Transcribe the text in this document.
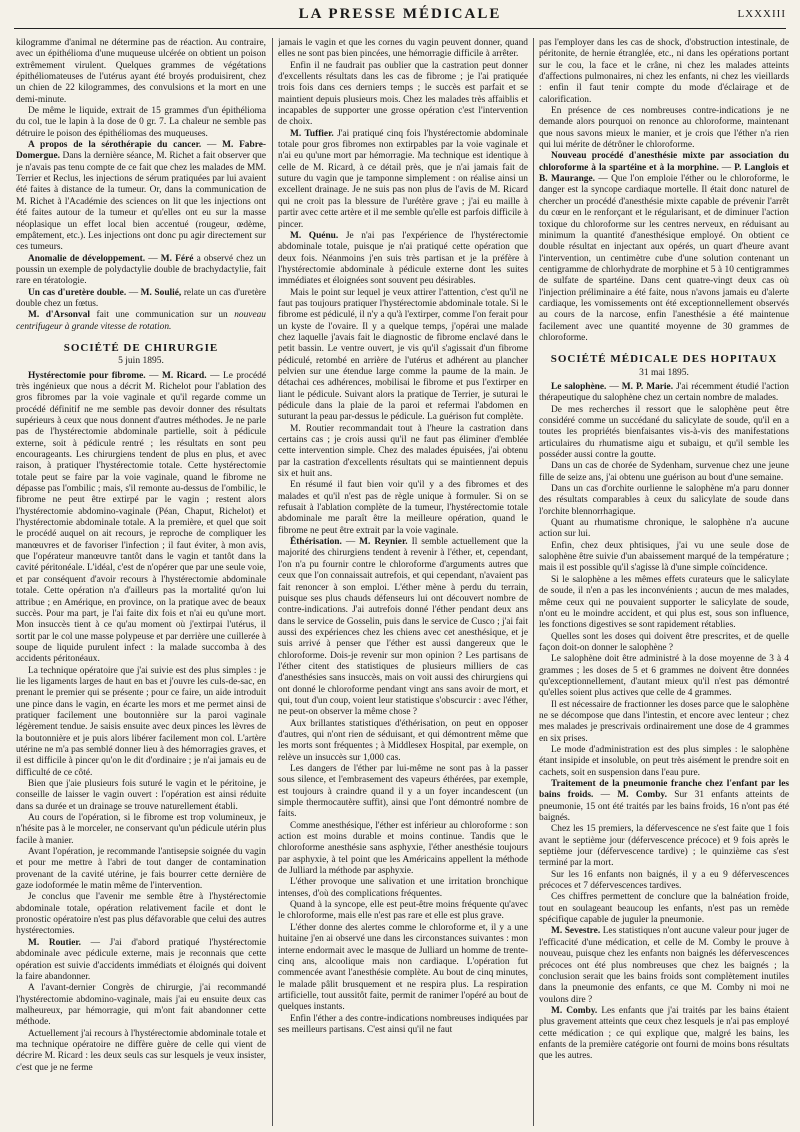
LA PRESSE MÉDICALE	LXXXIII

kilogramme d'animal ne détermine pas de réaction. Au contraire, avec un épithélioma d'une muqueuse ulcérée on obtient un poison extrêmement virulent. Quelques grammes de végétations épithéliomateuses de l'utérus ayant été broyés produisirent, chez un chien de 22 kilogrammes, des convulsions et la mort en une demi-minute.

De même le liquide, extrait de 15 grammes d'un épithélioma du col, tue le lapin à la dose de 0 gr. 7. La chaleur ne semble pas détruire le poison des épithéliomas des muqueuses.

A propos de la sérothérapie du cancer. — M. Fabre-Domergue. Dans la dernière séance, M. Richet a fait observer que je n'avais pas tenu compte de ce fait que chez les malades de MM. Terrier et Reclus, les injections de sérum pratiquées par lui avaient été faites à distance de la tumeur. Or, dans la communication de M. Richet à l'Académie des sciences on lit que les injections ont été faites autour de la tumeur et qu'elles ont eu sur la masse néoplasique un effet local bien accentué (rougeur, œdème, empâtement, etc.). Les injections ont donc pu agir directement sur ces tumeurs.

Anomalie de développement. — M. Féré a observé chez un poussin un exemple de polydactylie double de brachydactylie, fait rare en tératologie.

Un cas d'uretère double. — M. Soulié, relate un cas d'uretère double chez un fœtus.

M. d'Arsonval fait une communication sur un nouveau centrifugeur à grande vitesse de rotation.

SOCIÉTÉ DE CHIRURGIE
5 juin 1895.

Hystérectomie pour fibrome. — M. Ricard. — Le procédé très ingénieux que nous a décrit M. Richelot pour l'ablation des gros fibromes par la voie vaginale et qu'il regarde comme un procédé définitif ne me semble pas devoir donner des résultats supérieurs à ceux que nous donnent d'autres méthodes. Je ne parle pas de l'hystérectomie abdominale partielle, soit à pédicule externe, soit à pédicule rentré ; les résultats en sont peu encourageants. Les chirurgiens tendent de plus en plus, et avec raison, à pratiquer l'hystérectomie totale. Cette hystérectomie totale peut se faire par la voie vaginale, quand le fibrome ne dépasse pas l'ombilic ; mais, s'il remonte au-dessus de l'ombilic, le fibrome ne peut être extirpé par le vagin ; restent alors l'hystérectomie abdomino-vaginale (Péan, Chaput, Richelot) et l'hystérectomie abdominale totale. A la première, et quel que soit le procédé auquel on ait recours, je reproche de compliquer les manœuvres et de favoriser l'infection ; il faut éviter, à mon avis, que l'opérateur manœuvre tantôt dans le vagin et tantôt dans la cavité péritonéale. L'idéal, c'est de n'opérer que par une seule voie, et par conséquent d'avoir recours à l'hystérectomie abdominale totale. Cette opération n'a d'ailleurs pas la mortalité qu'on lui attribue ; en Amérique, en province, on la pratique avec de beaux succès. Pour ma part, je l'ai faite dix fois et n'ai eu qu'une mort. Mon insuccès tient à ce qu'au moment où j'extirpai l'utérus, il sortit par le col une masse polypeuse et par derrière une cuillerée à soupe de liquide purulent infect : la malade succomba à des accidents péritonéaux.

La technique opératoire que j'ai suivie est des plus simples : je lie les ligaments larges de haut en bas et j'ouvre les culs-de-sac, en prenant le premier qui se présente ; pour ce faire, un aide introduit une pince dans le vagin, en écarte les mors et me permet ainsi de pratiquer facilement une boutonnière sur la paroi vaginale légèrement tendue. Je saisis ensuite avec deux pinces les lèvres de la boutonnière et je puis alors libérer facilement mon col. L'artère utérine ne m'a pas semblé donner lieu à des hémorragies graves, et il est difficile à pincer qu'on le dit d'ordinaire ; je n'ai jamais eu de difficulté de ce côté.

Bien que j'aie plusieurs fois suturé le vagin et le péritoine, je conseille de laisser le vagin ouvert : l'opération est ainsi réduite dans sa durée et un drainage se trouve naturellement établi.

Au cours de l'opération, si le fibrome est trop volumineux, je n'hésite pas à le morceler, ne conservant qu'un pédicule utérin plus facile à manier.

Avant l'opération, je recommande l'antisepsie soignée du vagin et pour me mettre à l'abri de tout danger de contamination provenant de la cavité utérine, je fais bourrer cette dernière de gaze iodoformée le matin même de l'intervention.

Je conclus que l'avenir me semble être à l'hystérectomie abdominale totale, opération relativement facile et dont le pronostic opératoire n'est pas plus défavorable que celui des autres hystérectomies.

M. Routier. — J'ai d'abord pratiqué l'hystérectomie abdominale avec pédicule externe, mais je reconnais que cette opération est suivie d'accidents immédiats et éloignés qui doivent la faire abandonner.

A l'avant-dernier Congrès de chirurgie, j'ai recommandé l'hystérectomie abdomino-vaginale, mais j'ai eu ensuite deux cas malheureux, par hémorragie, qui m'ont fait abandonner cette méthode.

Actuellement j'ai recours à l'hystérectomie abdominale totale et ma technique opératoire ne diffère guère de celle qui vient de décrire M. Ricard : les deux seuls cas sur lesquels je veux insister, c'est que je ne ferme

jamais le vagin et que les cornes du vagin peuvent donner, quand elles ne sont pas bien pincées, une hémorragie difficile à arrêter.

Enfin il ne faudrait pas oublier que la castration peut donner d'excellents résultats dans les cas de fibrome ; je l'ai pratiquée trois fois dans ces derniers temps ; le succès est parfait et se maintient depuis plusieurs mois. Chez les malades très affaiblis et incapables de supporter une grosse opération c'est l'intervention de choix.

M. Tuffier. J'ai pratiqué cinq fois l'hystérectomie abdominale totale pour gros fibromes non extirpables par la voie vaginale et n'ai eu qu'une mort par hémorragie. Ma technique est identique à celle de M. Ricard, à ce détail près, que je n'ai jamais fait de suture du vagin que je tamponne simplement : on réalise ainsi un excellent drainage. Je ne suis pas non plus de l'avis de M. Ricard qui ne croit pas la blessure de l'urétère grave ; j'ai eu maille à partir avec cette artère et il me semble qu'elle est parfois difficile à pincer.

M. Quénu. Je n'ai pas l'expérience de l'hystérectomie abdominale totale, puisque je n'ai pratiqué cette opération que deux fois. Néanmoins j'en suis très partisan et je la préfère à l'hystérectomie abdominale à pédicule externe dont les suites immédiates et éloignées sont souvent peu désirables.

Mais le point sur lequel je veux attirer l'attention, c'est qu'il ne faut pas toujours pratiquer l'hystérectomie abdominale totale. Si le fibrome est pédiculé, il n'y a qu'à l'extirper, comme l'on ferait pour un kyste de l'ovaire. Il y a quelque temps, j'opérai une malade chez laquelle j'avais fait le diagnostic de fibrome enclavé dans le petit bassin. Le ventre ouvert, je vis qu'il s'agissait d'un fibrome pédiculé, retombé en arrière de l'utérus et adhérent au plancher pelvien sur une étendue large comme la paume de la main. Je détachai ces adhérences, mobilisai le fibrome et pus l'extirper en liant le pédicule. Suivant alors la pratique de Terrier, je suturai le pédicule dans la plaie de la paroi et refermai l'abdomen en suturant la peau par-dessus le pédicule. La guérison fut complète.

M. Routier recommandait tout à l'heure la castration dans certains cas ; je crois aussi qu'il ne faut pas éliminer d'emblée cette intervention simple. Chez des malades épuisées, j'ai obtenu par la castration d'excellents résultats qui se maintiennent depuis six et huit ans.

En résumé il faut bien voir qu'il y a des fibromes et des malades et qu'il n'est pas de règle unique à formuler. Si on se refusait à l'ablation complète de la tumeur, l'hystérectomie totale abdominale me paraît être la meilleure opération, quand le fibrome ne peut être extrait par la voie vaginale.

Éthérisation. — M. Reynier. Il semble actuellement que la majorité des chirurgiens tendent à revenir à l'éther, et, cependant, l'on n'a pu fournir contre le chloroforme d'arguments autres que ceux que l'on connaissait autrefois, et qui cependant, n'avaient pas fait renoncer à son emploi. L'éther mène à perdu du terrain, puisque ses plus chauds défenseurs lui ont découvert nombre de contre-indications. J'ai autrefois donné l'éther pendant deux ans dans le service de Gosselin, puis dans le service de Cusco ; j'ai fait aussi des expériences chez les chiens avec cet anesthésique, et je suis arrivé à penser que l'éther est aussi dangereux que le chloroforme. Dois-je revenir sur mon opinion ? Les partisans de l'éther citent des statistiques de plusieurs milliers de cas d'anesthésies sans insuccès, mais on voit aussi des chirurgiens qui ont donné le chloroforme pendant vingt ans sans avoir de mort, et qui, tout d'un coup, voient leur statistique s'obscurcir : avec l'éther, ne peut-on observer la même chose ?

Aux brillantes statistiques d'éthérisation, on peut en opposer d'autres, qui n'ont rien de séduisant, et qui démontrent même que les morts sont fréquentes ; à Middlesex Hospital, par exemple, on relève un insuccès sur 1,000 cas.

Les dangers de l'éther par lui-même ne sont pas à la passer sous silence, et l'embrasement des vapeurs éthérées, par exemple, est toujours à craindre quand il y a un foyer incandescent (un simple thermocautère suffit), ainsi que l'ont démontré nombre de faits.

Comme anesthésique, l'éther est inférieur au chloroforme : son action est moins durable et moins continue. Tandis que le chloroforme anesthésie sans asphyxie, l'éther anesthésie toujours par asphyxie, à tel point que les Américains appellent la méthode de Julliard la méthode par asphyxie.

L'éther provoque une salivation et une irritation bronchique intenses, d'où des complications fréquentes.

Quand à la syncope, elle est peut-être moins fréquente qu'avec le chloroforme, mais elle n'est pas rare et elle est plus grave.

L'éther donne des alertes comme le chloroforme et, il y a une huitaine j'en ai observé une dans les circonstances suivantes : mon interne endormait avec le masque de Julliard un homme de trente-cinq ans, alcoolique mais non cardiaque. L'opération fut commencée avant l'anesthésie complète. Au bout de cinq minutes, le malade pâlit brusquement et ne respira plus. La respiration artificielle, tout aussitôt faite, permit de ranimer l'opéré au bout de quelques instants.

Enfin l'éther a des contre-indications nombreuses indiquées par ses meilleurs partisans. C'est ainsi qu'il ne faut

pas l'employer dans les cas de shock, d'obstruction intestinale, de péritonite, de hernie étranglée, etc., ni dans les opérations portant sur le cou, la face et le crâne, ni chez les malades atteints d'affections pulmonaires, ni chez les enfants, ni chez les vieillards : enfin il faut tenir compte du mode d'éclairage et de calorification.

En présence de ces nombreuses contre-indications je ne demande alors pourquoi on renonce au chloroforme, maintenant que nous savons mieux le manier, et je crois que l'éther n'a rien qui lui mérite de détrôner le chloroforme.

Nouveau procédé d'anesthésie mixte par association du chloroforme à la spartéine et à la morphine. — P. Langlois et B. Maurange. — Que l'on emploie l'éther ou le chloroforme, le danger est la syncope cardiaque mortelle. Il était donc naturel de chercher un procédé d'anesthésie mixte capable de prévenir l'arrêt du cœur en le renforçant et le régularisant, et de diminuer l'action toxique du chloroforme sur les centres nerveux, en réduisant au minimum la quantité d'anesthésique employé. On obtient ce double résultat en injectant aux opérés, un quart d'heure avant l'intervention, un centimètre cube d'une solution contenant un centigramme de chlorhydrate de morphine et 5 à 10 centigrammes de sulfate de spartéine. Dans cent quatre-vingt deux cas où l'injection préliminaire a été faite, nous n'avons jamais eu d'alerte cardiaque, les vomissements ont été exceptionnellement observés au cours de la narcose, enfin l'anesthésie a été maintenue facilement avec une quantité moyenne de 30 grammes de chloroforme.

SOCIÉTÉ MÉDICALE DES HOPITAUX
31 mai 1895.

Le salophène. — M. P. Marie. J'ai récemment étudié l'action thérapeutique du salophène chez un certain nombre de malades.

De mes recherches il ressort que le salophène peut être considéré comme un succédané du salicylate de soude, qu'il en a toutes les propriétés bienfaisantes vis-à-vis des manifestations articulaires du rhumatisme aigu et subaigu, et qu'il semble les posséder aussi contre la goutte.

Dans un cas de chorée de Sydenham, survenue chez une jeune fille de seize ans, j'ai obtenu une guérison au bout d'une semaine.

Dans un cas d'orchite ourlienne le salophène m'a paru donner des résultats comparables à ceux du salicylate de soude dans l'orchite blennorrhagique.

Quant au rhumatisme chronique, le salophène n'a aucune action sur lui.

Enfin, chez deux phtisiques, j'ai vu une seule dose de salophène être suivie d'un abaissement marqué de la température ; mais il est possible qu'il s'agisse là d'une simple coïncidence.

Si le salophène a les mêmes effets curateurs que le salicylate de soude, il n'en a pas les inconvénients ; aucun de mes malades, même ceux qui ne pouvaient supporter le salicylate de soude, n'ont eu le moindre accident, et qui plus est, sous son influence, les fonctions digestives se sont rapidement rétablies.

Quelles sont les doses qui doivent être prescrites, et de quelle façon doit-on donner le salophène ?

Le salophène doit être administré à la dose moyenne de 3 à 4 grammes ; les doses de 5 et 6 grammes ne doivent être données qu'exceptionnellement, d'autant mieux qu'il n'est pas démontré qu'elles soient plus actives que celle de 4 grammes.

Il est nécessaire de fractionner les doses parce que le salophène ne se décompose que dans l'intestin, et encore avec lenteur ; chez mes malades je prescrivais ordinairement une dose de 4 grammes en six prises.

Le mode d'administration est des plus simples : le salophène étant insipide et insoluble, on peut très aisément le prendre soit en cachets, soit en suspension dans l'eau pure.

Traitement de la pneumonie franche chez l'enfant par les bains froids. — M. Comby. Sur 31 enfants atteints de pneumonie, 15 ont été traités par les bains froids, 16 n'ont pas été baignés.

Chez les 15 premiers, la défervescence ne s'est faite que 1 fois avant le septième jour (défervescence précoce) et 9 fois après le septième jour (défervescence tardive) ; le quinzième cas s'est terminé par la mort.

Sur les 16 enfants non baignés, il y a eu 9 défervescences précoces et 7 défervescences tardives.

Ces chiffres permettent de conclure que la balnéation froide, tout en soulageant beaucoup les enfants, n'est pas un remède spécifique capable de juguler la pneumonie.

M. Sevestre. Les statistiques n'ont aucune valeur pour juger de l'efficacité d'une médication, et celle de M. Comby le prouve à nouveau, puisque chez les enfants non baignés les défervescences précoces ont été plus nombreuses que chez les baignés ; la conclusion serait que les bains froids sont complètement inutiles dans la pneumonie des enfants, ce que M. Comby ni moi ne voulons dire ?

M. Comby. Les enfants que j'ai traités par les bains étaient plus gravement atteints que ceux chez lesquels je n'ai pas employé cette médication ; ce qui explique que, malgré les bains, les enfants de la première catégorie ont fourni de moins bons résultats que les autres.
